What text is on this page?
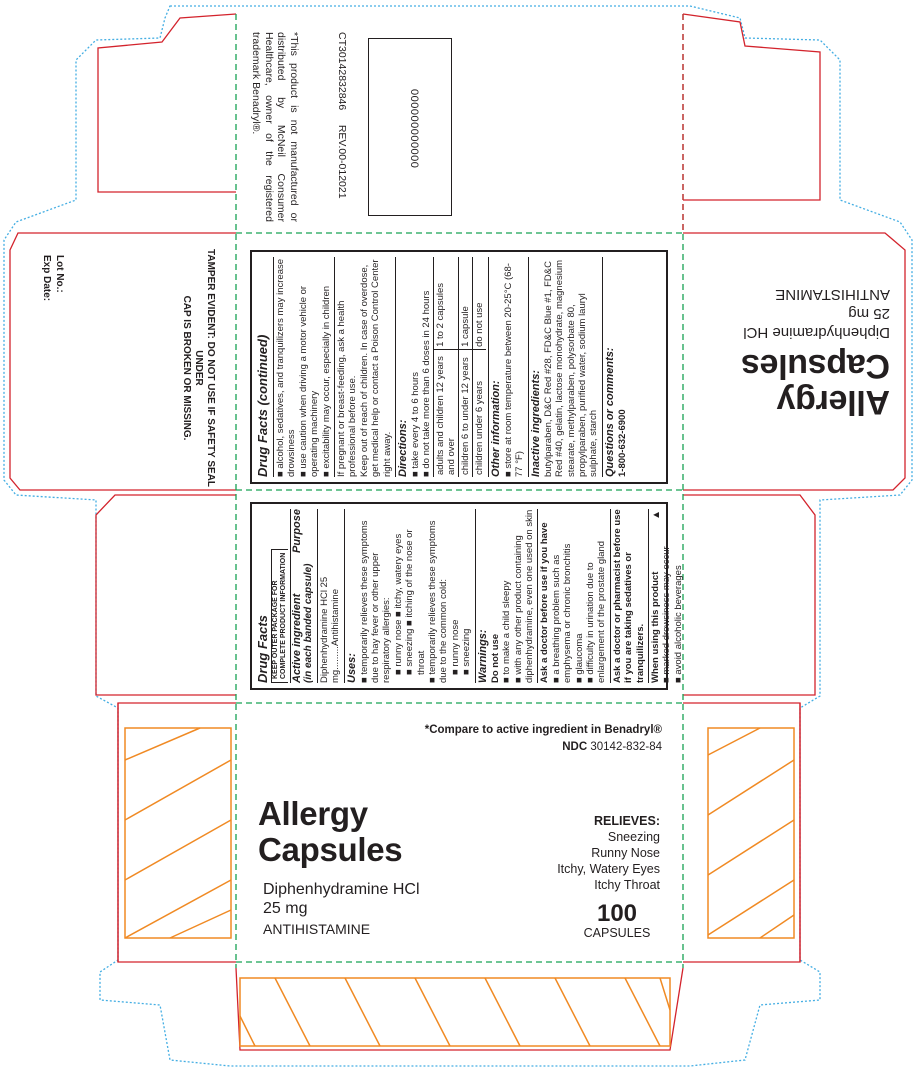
*This product is not manufactured or distributed by McNeil Consumer Healthcare, owner of the registered trademark Benadryl®.	CT30142832846     REV.00-012021	000000000000
TAMPER EVIDENT: DO NOT USE IF SAFETY SEAL UNDER
CAP IS BROKEN OR MISSING.
Lot No.:
Exp Date:
Allergy
Capsules
Diphenhydramine HCl
25 mg
ANTIHISTAMINE
Drug Facts (continued) ■ alcohol, sedatives, and tranquilizers may increase drowsiness ■ use caution when driving a motor vehicle or operating machinery ■ excitability may occur, especially in children If pregnant or breast-feeding, ask a health professional before use. Keep out of reach of children. In case of overdose, get medical help or contact a Poison Control Center right away. Directions: ■ take every 4 to 6 hours ■ do not take more than 6 doses in 24 hours adults and children 12 years and over	1 to 2 capsules
children 6 to under 12 years	1 capsule
children under 6 years	do not use
Other information: ■ store at room temperature between 20-25°C (68-77 °F) Inactive ingredients: butylparaben, D&C Red #28, FD&C Blue #1, FD&C Red #40, gelatin, lactose monohydrate, magnesium stearate, methylparaben, polysorbate 80, propylparaben, purified water, sodium lauryl sulphate, starch Questions or comments: 1-800-632-6900

Drug Facts KEEP OUTER PACKAGE FOR
COMPLETE PRODUCT INFORMATION
Purpose
Active ingredient (in each banded capsule) Diphenhydramine HCl 25 mg.........Antihistamine Uses: ■ temporarily relieves these symptoms due to hay fever or other upper respiratory allergies: ■ runny nose ■ itchy, watery eyes ■ sneezing ■ itching of the nose or throat ■ temporarily relieves these symptoms due to the common cold: ■ runny nose ■ sneezing Warnings: Do not use ■ to make a child sleepy ■ with any other product containing diphenhydramine, even one used on skin Ask a doctor before use if you have ■ a breathing problem such as emphysema or chronic bronchitis ■ glaucoma ■ difficulty in urination due to enlargement of the prostate gland Ask a doctor or pharmacist before use if you are taking sedatives or tranquilizers. When using this product ■ marked drowsiness may occur ■ avoid alcoholic beverages

▲
*Compare to active ingredient in Benadryl®
NDC 30142-832-84
Allergy
Capsules
Diphenhydramine HCl
25 mg
ANTIHISTAMINE
RELIEVES:
Sneezing
Runny Nose
Itchy, Watery Eyes
Itchy Throat
100
CAPSULES
